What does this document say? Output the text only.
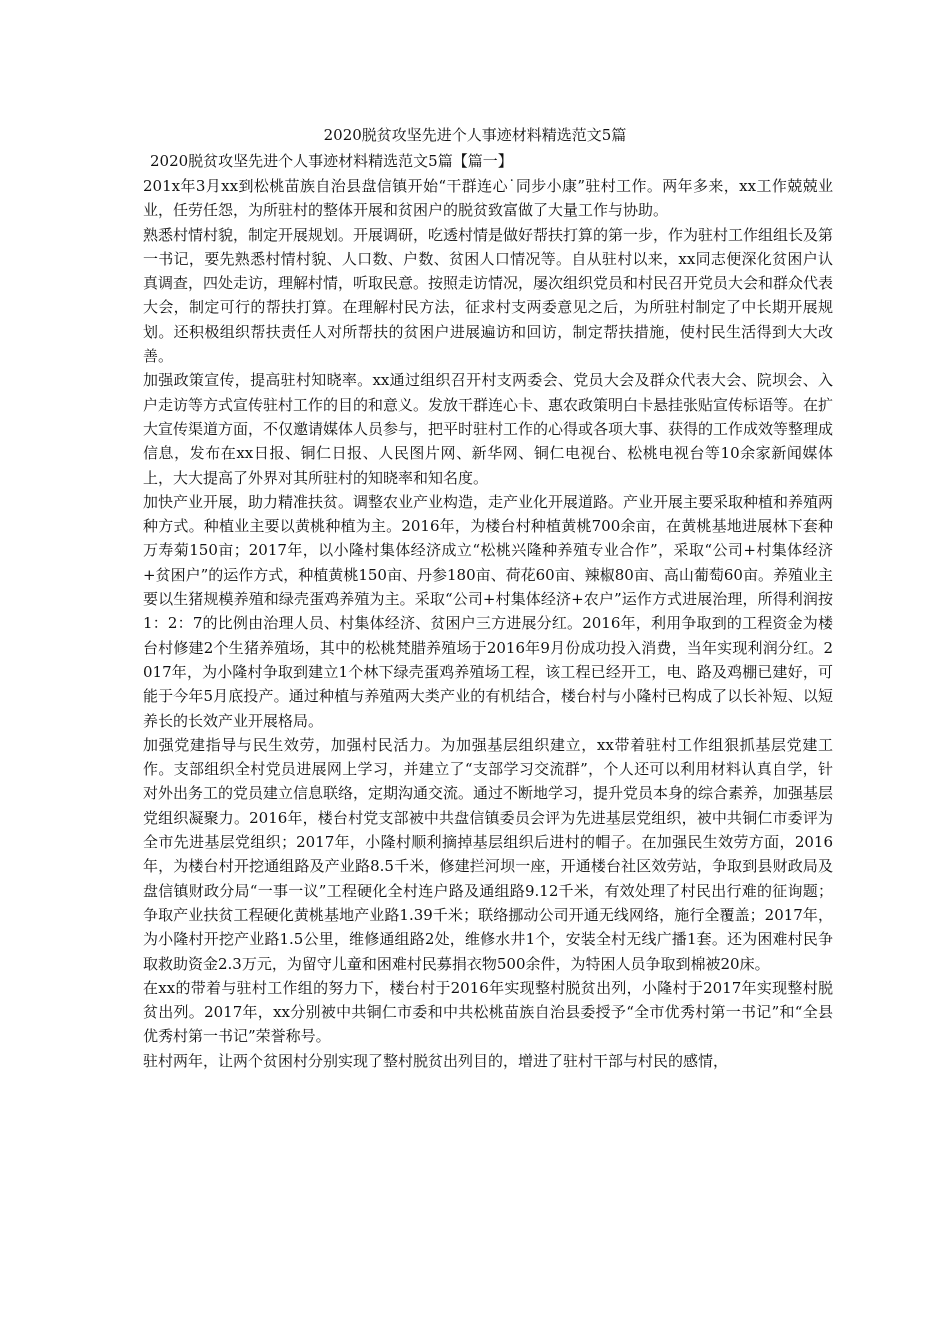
2020脱贫攻坚先进个人事迹材料精选范文5篇
2020脱贫攻坚先进个人事迹材料精选范文5篇【篇一】

201x年3月xx到松桃苗族自治县盘信镇开始“干群连心˙同步小康”驻村工作。两年多来，xx工作兢兢业业，任劳任怨，为所驻村的整体开展和贫困户的脱贫致富做了大量工作与协助。

熟悉村情村貌，制定开展规划。开展调研，吃透村情是做好帮扶打算的第一步，作为驻村工作组组长及第一书记，要先熟悉村情村貌、人口数、户数、贫困人口情况等。自从驻村以来，xx同志便深化贫困户认真调查，四处走访，理解村情，听取民意。按照走访情况，屡次组织党员和村民召开党员大会和群众代表大会，制定可行的帮扶打算。在理解村民方法，征求村支两委意见之后，为所驻村制定了中长期开展规划。还积极组织帮扶责任人对所帮扶的贫困户进展遍访和回访，制定帮扶措施，使村民生活得到大大改善。

加强政策宣传，提高驻村知晓率。xx通过组织召开村支两委会、党员大会及群众代表大会、院坝会、入户走访等方式宣传驻村工作的目的和意义。发放干群连心卡、惠农政策明白卡悬挂张贴宣传标语等。在扩大宣传渠道方面，不仅邀请媒体人员参与，把平时驻村工作的心得或各项大事、获得的工作成效等整理成信息，发布在xx日报、铜仁日报、人民图片网、新华网、铜仁电视台、松桃电视台等10余家新闻媒体上，大大提高了外界对其所驻村的知晓率和知名度。

加快产业开展，助力精准扶贫。调整农业产业构造，走产业化开展道路。产业开展主要采取种植和养殖两种方式。种植业主要以黄桃种植为主。2016年，为楼台村种植黄桃700余亩，在黄桃基地进展林下套种万寿菊150亩；2017年，以小隆村集体经济成立“松桃兴隆种养殖专业合作”，采取“公司+村集体经济+贫困户”的运作方式，种植黄桃150亩、丹参180亩、荷花60亩、辣椒80亩、高山葡萄60亩。养殖业主要以生猪规模养殖和绿壳蛋鸡养殖为主。采取“公司+村集体经济+农户”运作方式进展治理，所得利润按1：2：7的比例由治理人员、村集体经济、贫困户三方进展分红。2016年，利用争取到的工程资金为楼台村修建2个生猪养殖场，其中的松桃梵腊养殖场于2016年9月份成功投入消费，当年实现利润分红。2017年，为小隆村争取到建立1个林下绿壳蛋鸡养殖场工程，该工程已经开工，电、路及鸡棚已建好，可能于今年5月底投产。通过种植与养殖两大类产业的有机结合，楼台村与小隆村已构成了以长补短、以短养长的长效产业开展格局。

加强党建指导与民生效劳，加强村民活力。为加强基层组织建立，xx带着驻村工作组狠抓基层党建工作。支部组织全村党员进展网上学习，并建立了“支部学习交流群”，个人还可以利用材料认真自学，针对外出务工的党员建立信息联络，定期沟通交流。通过不断地学习，提升党员本身的综合素养，加强基层党组织凝聚力。2016年，楼台村党支部被中共盘信镇委员会评为先进基层党组织，被中共铜仁市委评为全市先进基层党组织；2017年，小隆村顺利摘掉基层组织后进村的帽子。在加强民生效劳方面，2016年，为楼台村开挖通组路及产业路8.5千米，修建拦河坝一座，开通楼台社区效劳站，争取到县财政局及盘信镇财政分局“一事一议”工程硬化全村连户路及通组路9.12千米，有效处理了村民出行难的征询题；争取产业扶贫工程硬化黄桃基地产业路1.39千米；联络挪动公司开通无线网络，施行全覆盖；2017年，为小隆村开挖产业路1.5公里，维修通组路2处，维修水井1个，安装全村无线广播1套。还为困难村民争取救助资金2.3万元，为留守儿童和困难村民募捐衣物500余件，为特困人员争取到棉被20床。

在xx的带着与驻村工作组的努力下，楼台村于2016年实现整村脱贫出列，小隆村于2017年实现整村脱贫出列。2017年，xx分别被中共铜仁市委和中共松桃苗族自治县委授予“全市优秀村第一书记”和“全县优秀村第一书记”荣誉称号。

驻村两年，让两个贫困村分别实现了整村脱贫出列目的，增进了驻村干部与村民的感情，
